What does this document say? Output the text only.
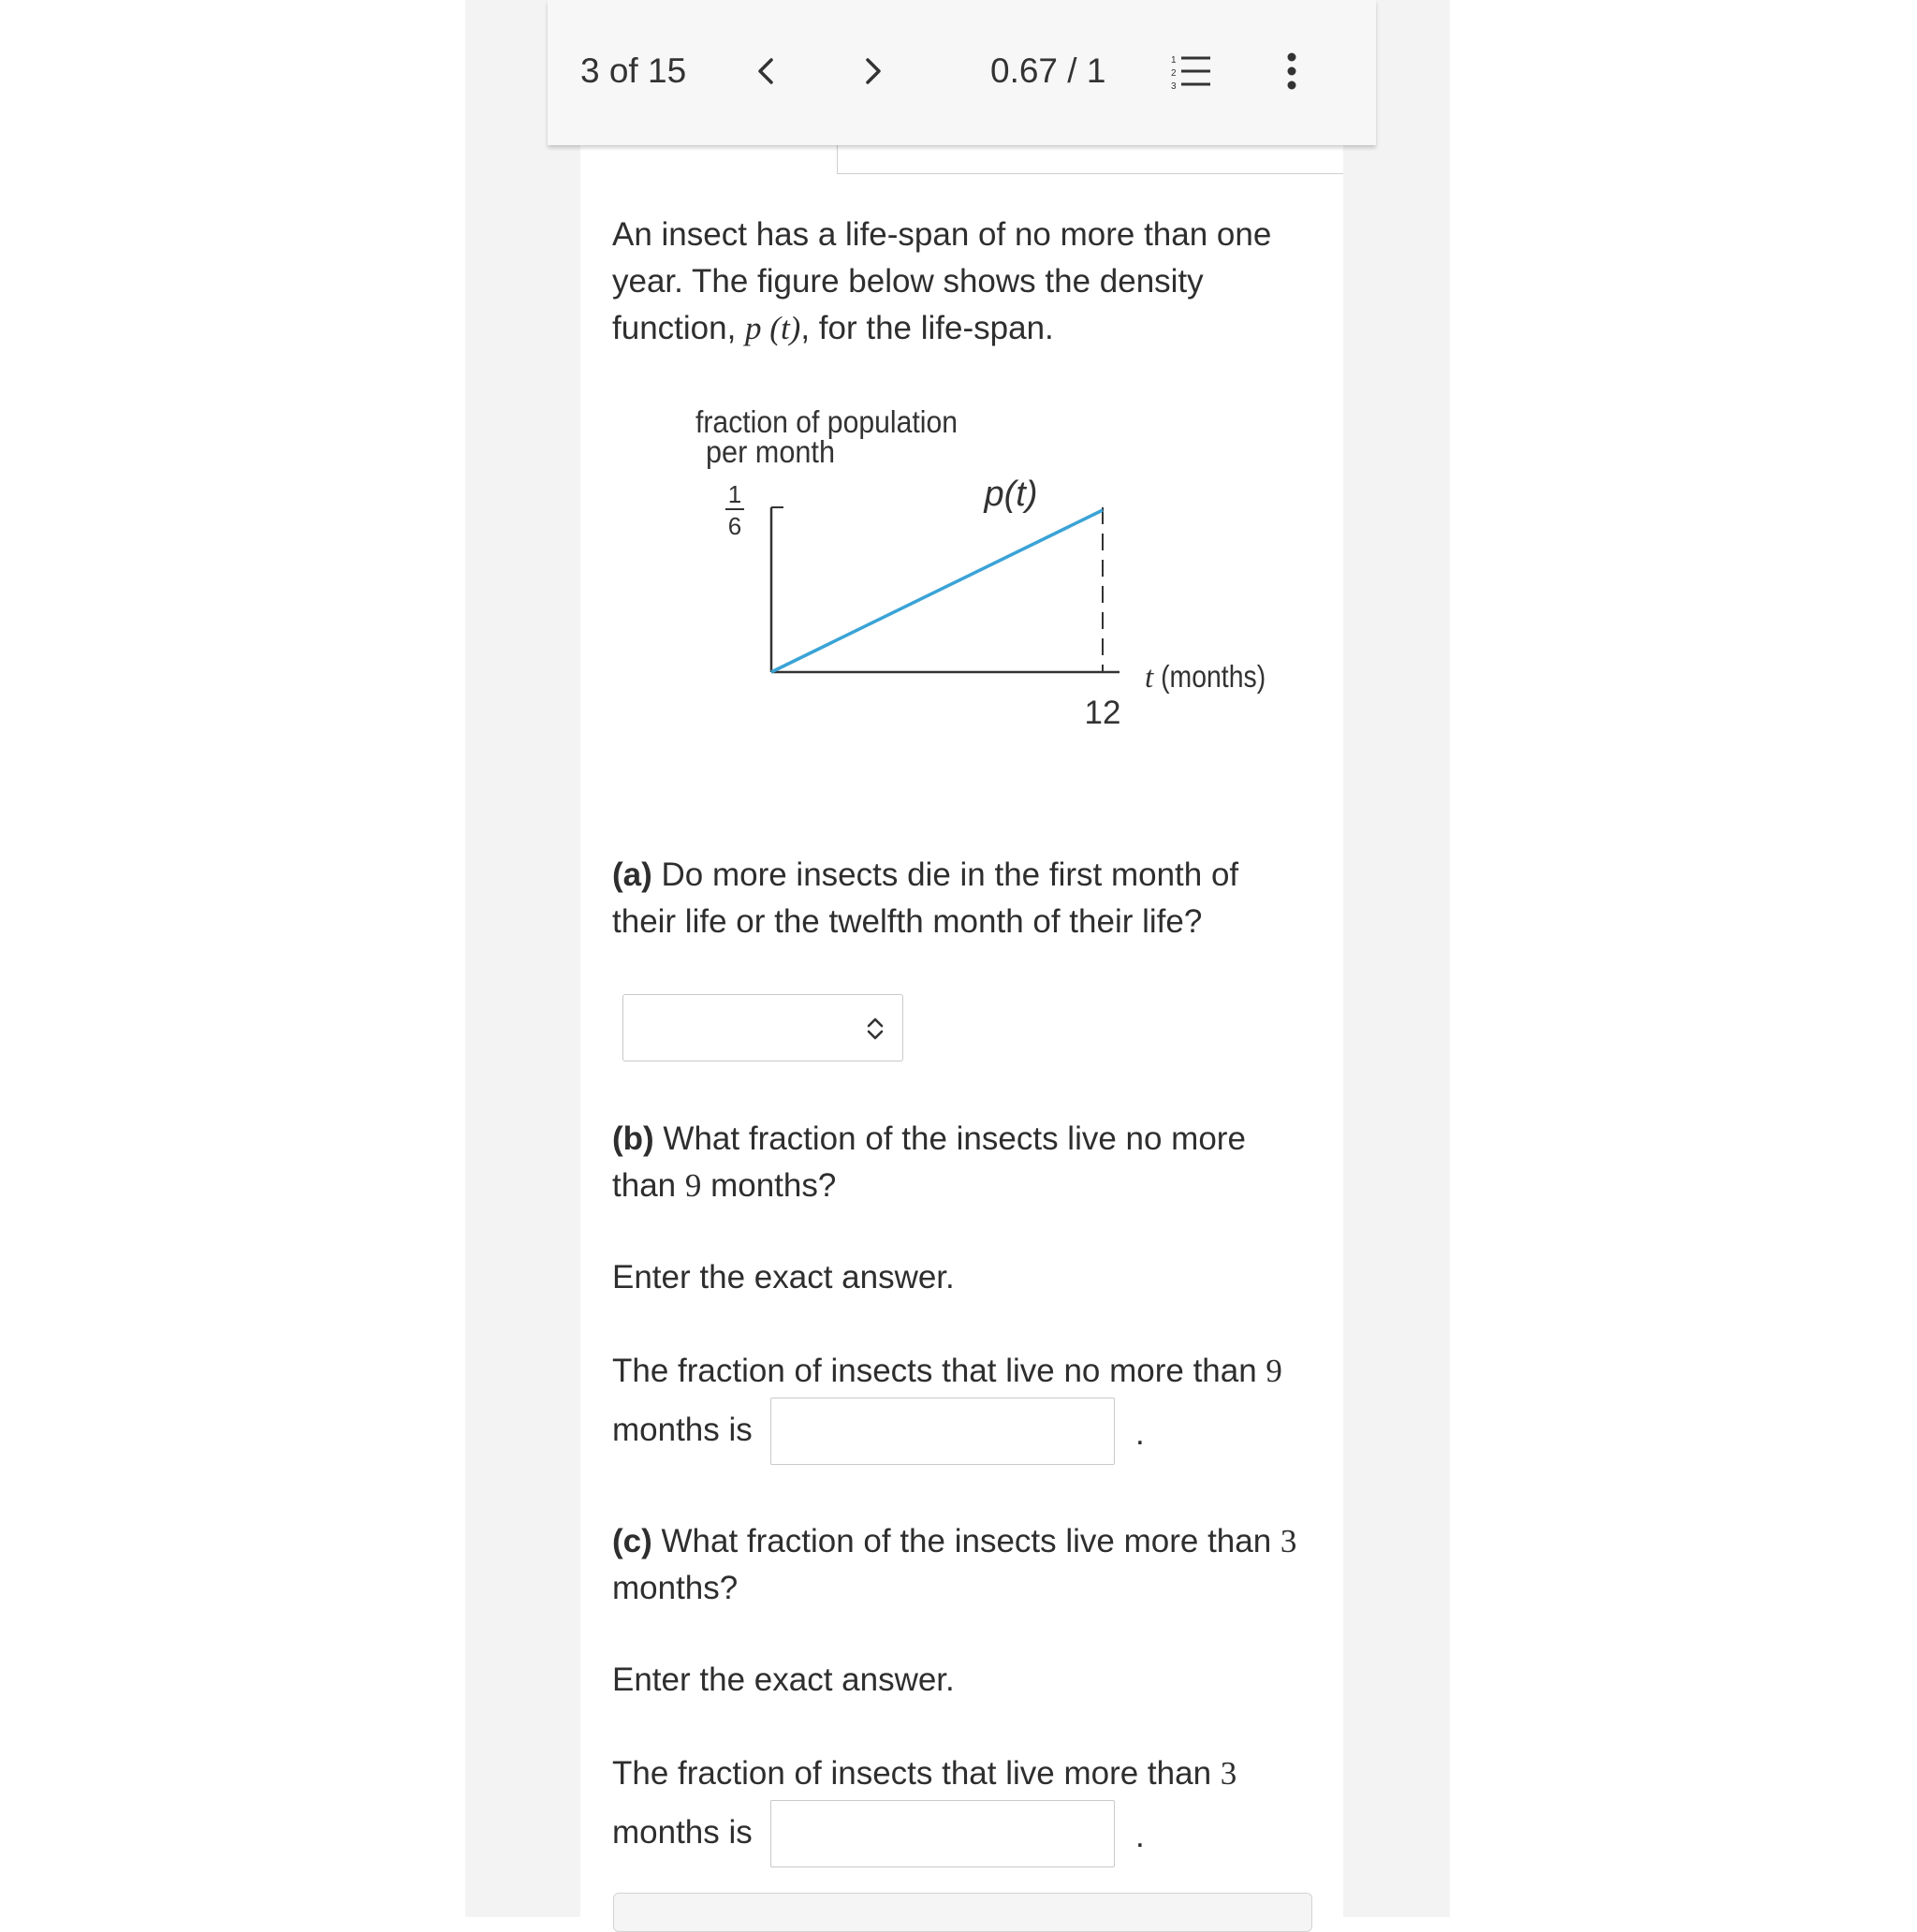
3 of 15	0.67 / 1	1
2
3
An insect has a life-span of no more than one
year. The figure below shows the density
function, p (t), for the life-span.
fraction of population
per month
1
6
p(t)
12
t (months)
(a) Do more insects die in the first month of
their life or the twelfth month of their life?
(b) What fraction of the insects live no more
than 9 months?
Enter the exact answer.
The fraction of insects that live no more than 9
months is	.
(c) What fraction of the insects live more than 3
months?
Enter the exact answer.
The fraction of insects that live more than 3
months is	.
